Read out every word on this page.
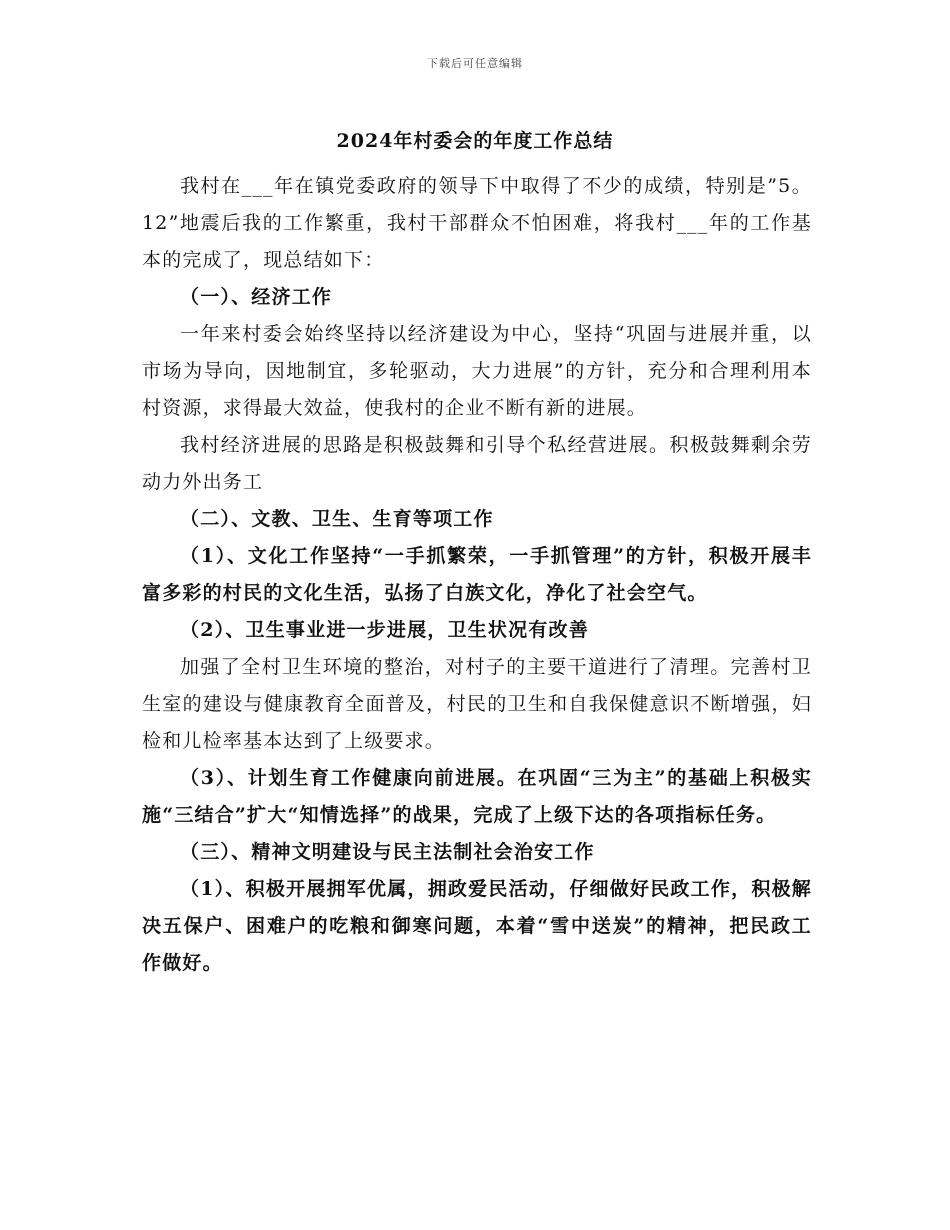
下载后可任意编辑
2024年村委会的年度工作总结

我村在___年在镇党委政府的领导下中取得了不少的成绩，特别是”5。12”地震后我的工作繁重，我村干部群众不怕困难，将我村___年的工作基本的完成了，现总结如下：

（一）、经济工作

一年来村委会始终坚持以经济建设为中心，坚持“巩固与进展并重，以市场为导向，因地制宜，多轮驱动，大力进展”的方针，充分和合理利用本村资源，求得最大效益，使我村的企业不断有新的进展。

我村经济进展的思路是积极鼓舞和引导个私经营进展。积极鼓舞剩余劳动力外出务工

（二）、文教、卫生、生育等项工作

（1）、文化工作坚持“一手抓繁荣，一手抓管理”的方针，积极开展丰富多彩的村民的文化生活，弘扬了白族文化，净化了社会空气。

（2）、卫生事业进一步进展，卫生状况有改善

加强了全村卫生环境的整治，对村子的主要干道进行了清理。完善村卫生室的建设与健康教育全面普及，村民的卫生和自我保健意识不断增强，妇检和儿检率基本达到了上级要求。

（3）、计划生育工作健康向前进展。在巩固“三为主”的基础上积极实施“三结合”扩大“知情选择”的战果，完成了上级下达的各项指标任务。

（三）、精神文明建设与民主法制社会治安工作

（1）、积极开展拥军优属，拥政爱民活动，仔细做好民政工作，积极解决五保户、困难户的吃粮和御寒问题，本着“雪中送炭”的精神，把民政工作做好。
